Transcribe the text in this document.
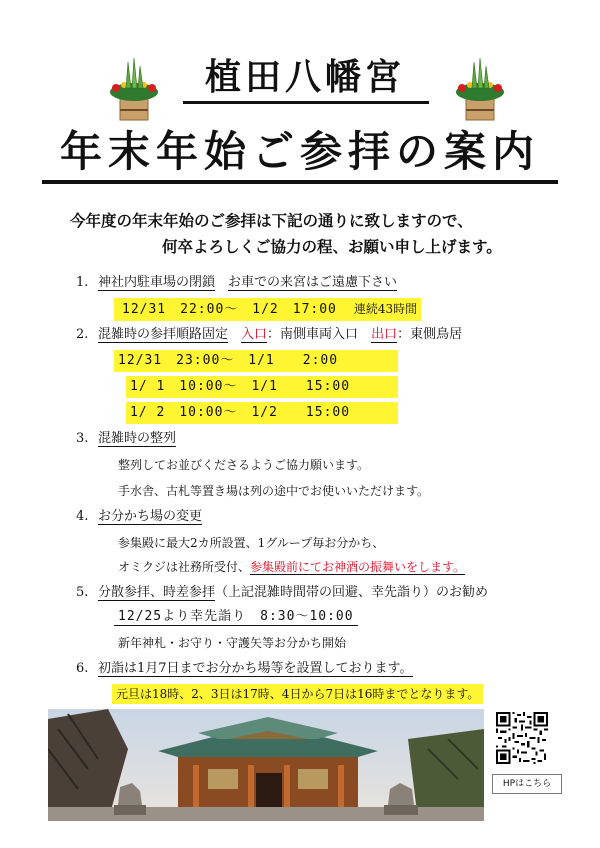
植田八幡宮
年末年始ご参拝の案内
今年度の年末年始のご参拝は下記の通りに致しますので、
何卒よろしくご協力の程、お願い申し上げます。
1. 神社内駐車場の閉鎖　 お車での来宮はご遠慮下さい
12/31　22:00〜　1/2　17:00　 連続43時間
2. 混雑時の参拝順路固定　 入口：南側車両入口　 出口：東側鳥居
12/31　23:00〜　1/1　　2:00
1/ 1　10:00〜　1/1　　15:00
1/ 2　10:00〜　1/2　　15:00
3. 混雑時の整列
整列してお並びくださるようご協力願います。
手水舎、古札等置き場は列の途中でお使いいただけます。
4. お分かち場の変更
参集殿に最大2カ所設置、1グループ毎お分かち、
オミクジは社務所受付、参集殿前にてお神酒の振舞いをします。
5. 分散参拝、時差参拝（上記混雑時間帯の回避、幸先詣り）のお勧め
12/25より幸先詣り　8:30〜10:00
新年神札・お守り・守護矢等お分かち開始
6. 初詣は1月7日までお分かち場等を設置しております。
元旦は18時、2、3日は17時、4日から7日は16時までとなります。
HPはこちら
